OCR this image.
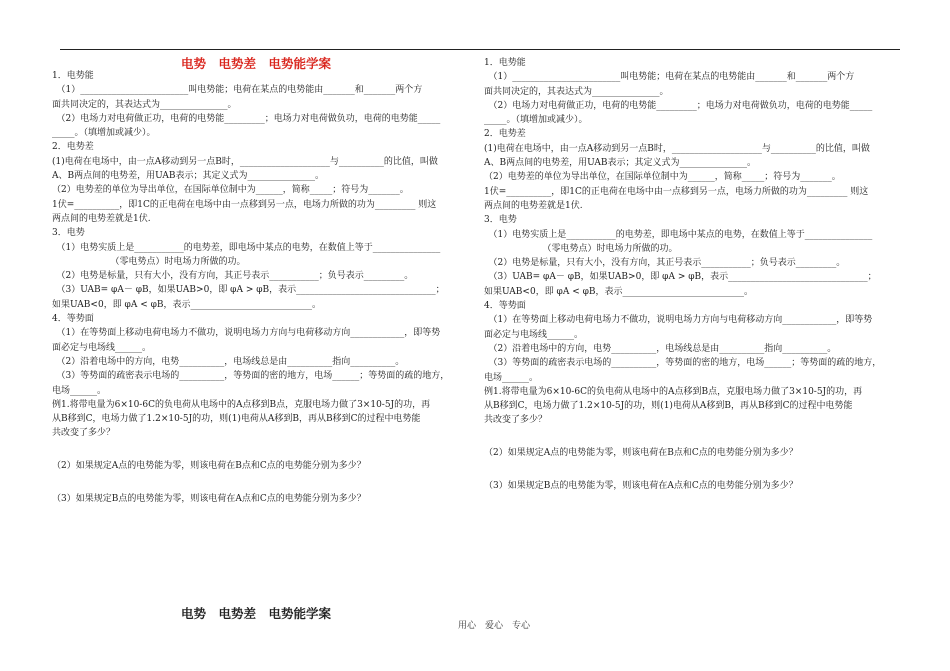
电势　电势差　电势能学案
1．电势能
　（1）________________________叫电势能；电荷在某点的电势能由_______和_______两个方
面共同决定的，其表达式为_______________。
　（2）电场力对电荷做正功，电荷的电势能_________；电场力对电荷做负功，电荷的电势能_____
_____。（填增加或减少）。
2．电势差
(1)电荷在电场中，由一点A移动到另一点B时，____________________与__________的比值，叫做
A、B两点间的电势差，用UAB表示；其定义式为_______________。
（2）电势差的单位为导出单位，在国际单位制中为______，简称_____；符号为_______。
1伏=__________，即1C的正电荷在电场中由一点移到另一点，电场力所做的功为_________ 则这
两点间的电势差就是1伏.
3．电势
　（1）电势实质上是___________的电势差，即电场中某点的电势，在数值上等于_______________
　　　　　　　（零电势点）时电场力所做的功。
　（2）电势是标量，只有大小，没有方向，其正号表示___________；负号表示_________。
　（3）UAB= φA－ φB，如果UAB>0，即 φA > φB，表示_______________________________；
如果UAB<0，即 φA < φB，表示___________________________。
4．等势面
　（1）在等势面上移动电荷电场力不做功，说明电场力方向与电荷移动方向____________，即等势
面必定与电场线______。
　（2）沿着电场中的方向，电势__________，电场线总是由__________指向__________。
　（3）等势面的疏密表示电场的__________，等势面的密的地方，电场______；等势面的疏的地方，
电场______。
例1.将带电量为6×10-6C的负电荷从电场中的A点移到B点，克服电场力做了3×10-5J的功，再
从B移到C，电场力做了1.2×10-5J的功，则(1)电荷从A移到B，再从B移到C的过程中电势能
共改变了多少？
（2）如果规定A点的电势能为零，则该电荷在B点和C点的电势能分别为多少？
（3）如果规定B点的电势能为零，则该电荷在A点和C点的电势能分别为多少？
1．电势能
　（1）________________________叫电势能；电荷在某点的电势能由_______和_______两个方
面共同决定的，其表达式为_______________。
　（2）电场力对电荷做正功，电荷的电势能_________；电场力对电荷做负功，电荷的电势能_____
_____。（填增加或减少）。
2．电势差
(1)电荷在电场中，由一点A移动到另一点B时，____________________与__________的比值，叫做
A、B两点间的电势差，用UAB表示；其定义式为_______________。
（2）电势差的单位为导出单位，在国际单位制中为______，简称_____；符号为_______。
1伏=__________，即1C的正电荷在电场中由一点移到另一点，电场力所做的功为_________ 则这
两点间的电势差就是1伏.
3．电势
　（1）电势实质上是___________的电势差，即电场中某点的电势，在数值上等于_______________
　　　　　　　（零电势点）时电场力所做的功。
　（2）电势是标量，只有大小，没有方向，其正号表示___________；负号表示_________。
　（3）UAB= φA－ φB，如果UAB>0，即 φA > φB，表示_______________________________；
如果UAB<0，即 φA < φB，表示___________________________。
4．等势面
　（1）在等势面上移动电荷电场力不做功，说明电场力方向与电荷移动方向____________，即等势
面必定与电场线______。
　（2）沿着电场中的方向，电势__________，电场线总是由__________指向__________。
　（3）等势面的疏密表示电场的__________，等势面的密的地方，电场______；等势面的疏的地方，
电场______。
例1.将带电量为6×10-6C的负电荷从电场中的A点移到B点，克服电场力做了3×10-5J的功，再
从B移到C，电场力做了1.2×10-5J的功，则(1)电荷从A移到B，再从B移到C的过程中电势能
共改变了多少？
（2）如果规定A点的电势能为零，则该电荷在B点和C点的电势能分别为多少？
（3）如果规定B点的电势能为零，则该电荷在A点和C点的电势能分别为多少？
电势　电势差　电势能学案
用心　爱心　专心
